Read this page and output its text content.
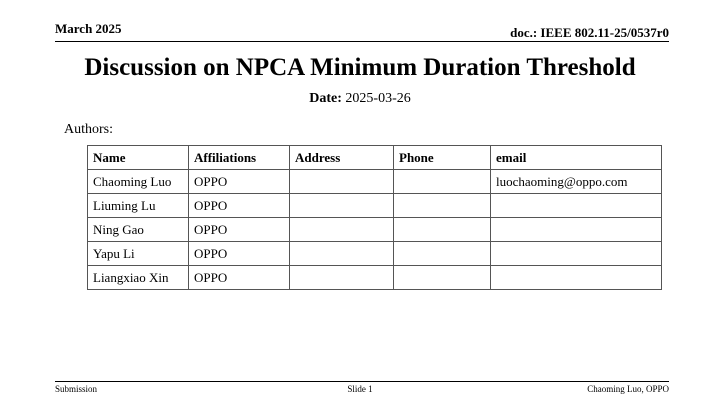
March 2025	doc.: IEEE 802.11-25/0537r0
Discussion on NPCA Minimum Duration Threshold
Date: 2025-03-26
Authors:
Name	Affiliations	Address	Phone	email
Chaoming Luo	OPPO			luochaoming@oppo.com
Liuming Lu	OPPO			
Ning Gao	OPPO			
Yapu Li	OPPO			
Liangxiao Xin	OPPO			
Submission	Slide 1	Chaoming Luo, OPPO
